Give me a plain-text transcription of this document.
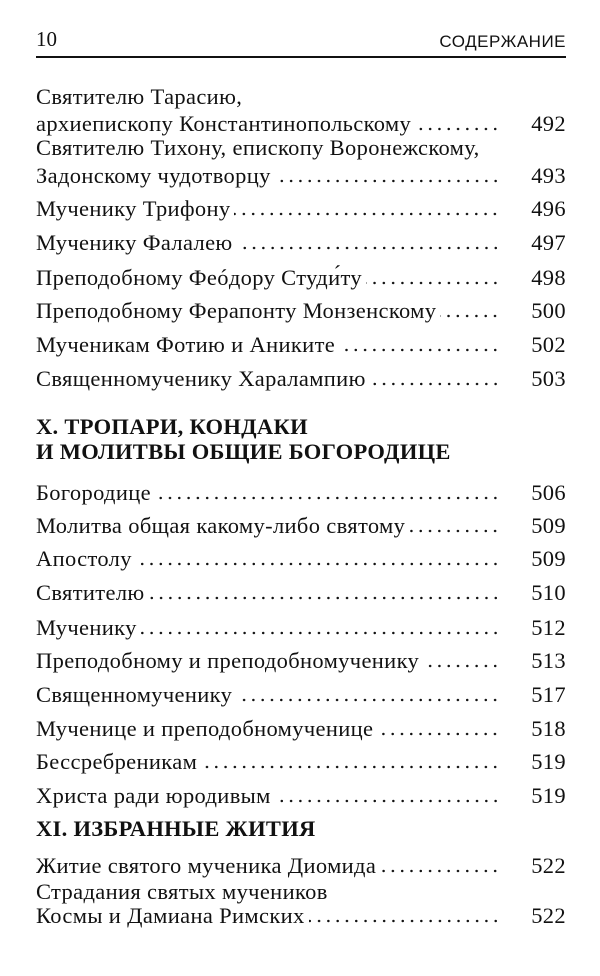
10	СОДЕРЖАНИЕ
Святителю Тарасию,
архиепископу Константинопольскому	492
Святителю Тихону, епископу Воронежскому,
Задонскому чудотворцу	493
Мученику Трифону	496
Мученику Фалалею	497
Преподобному Феóдору Студи́ту	498
Преподобному Ферапонту Монзенскому	500
Мученикам Фотию и Аниките	502
Священномученику Харалампию	503
X. ТРОПАРИ, КОНДАКИ
И МОЛИТВЫ ОБЩИЕ БОГОРОДИЦЕ
Богородице	506
Молитва общая какому-либо святому	509
Апостолу	509
Святителю	510
Мученику	512
Преподобному и преподобномученику	513
Священномученику	517
Мученице и преподобномученице	518
Бессребреникам	519
Христа ради юродивым	519
XI. ИЗБРАННЫЕ ЖИТИЯ
Житие святого мученика Диомида	522
Страдания святых мучеников
Космы и Дамиана Римских	522
